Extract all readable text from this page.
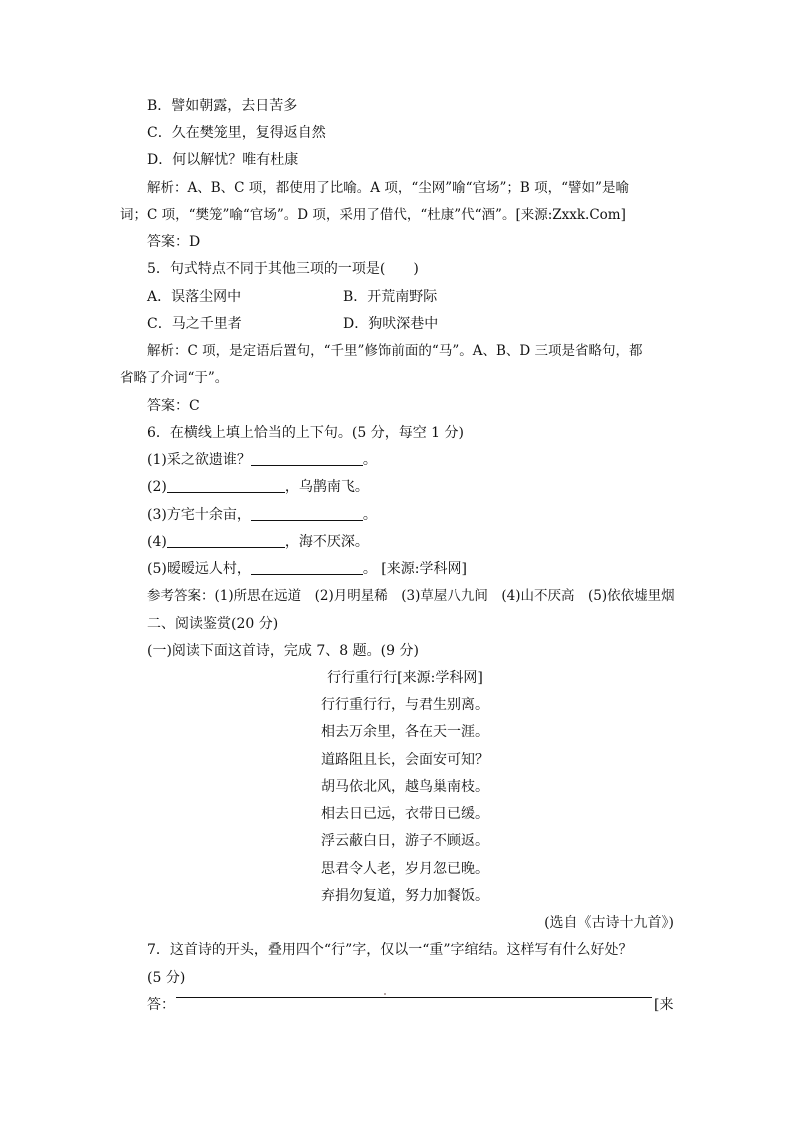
B．譬如朝露，去日苦多
C．久在樊笼里，复得返自然
D．何以解忧？唯有杜康
解析：A、B、C 项，都使用了比喻。A 项，“尘网”喻“官场”；B 项，“譬如”是喻
词；C 项，“樊笼”喻“官场”。D 项，采用了借代，“杜康”代“酒”。[来源:Zxxk.Com]
答案：D
5．句式特点不同于其他三项的一项是(　　)
A．误落尘网中	B．开荒南野际
C．马之千里者	D．狗吠深巷中
解析：C 项，是定语后置句，“千里”修饰前面的“马”。A、B、D 三项是省略句，都
省略了介词“于”。
答案：C
6．在横线上填上恰当的上下句。(5 分，每空 1 分)
(1)采之欲遗谁？	。
(2)	，乌鹊南飞。
(3)方宅十余亩，	。
(4)	，海不厌深。
(5)暧暧远人村，	。 [来源:学科网]
参考答案：(1)所思在远道　(2)月明星稀　(3)草屋八九间　(4)山不厌高　(5)依依墟里烟
二、阅读鉴赏(20 分)
(一)阅读下面这首诗，完成 7、8 题。(9 分)
行行重行行[来源:学科网]
行行重行行，与君生别离。
相去万余里，各在天一涯。
道路阻且长，会面安可知？
胡马依北风，越鸟巢南枝。
相去日已远，衣带日已缓。
浮云蔽白日，游子不顾返。
思君令人老，岁月忽已晚。
弃捐勿复道，努力加餐饭。
(选自《古诗十九首》)
7．这首诗的开头，叠用四个“行”字，仅以一“重”字绾结。这样写有什么好处？
(5 分)
答：	[来
